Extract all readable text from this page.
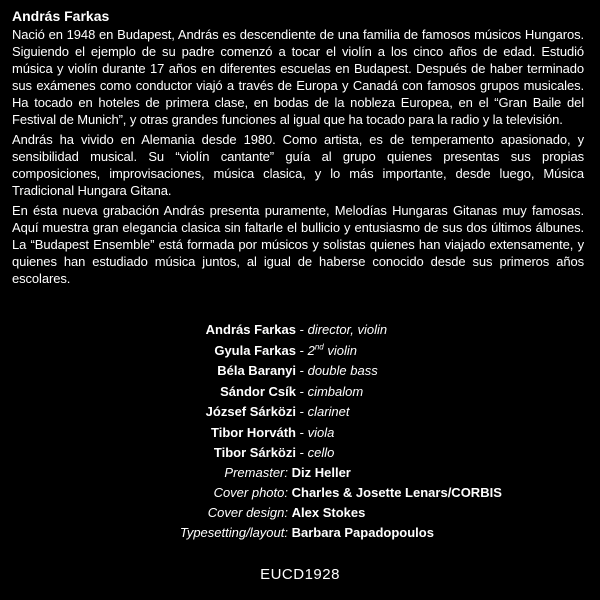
András Farkas

Nació en 1948 en Budapest, András es descendiente de una familia de famosos músicos Hungaros. Siguiendo el ejemplo de su padre comenzó a tocar el violín a los cinco años de edad. Estudió música y violín durante 17 años en diferentes escuelas en Budapest. Después de haber terminado sus exámenes como conductor viajó a través de Europa y Canadá con famosos grupos musicales. Ha tocado en hoteles de primera clase, en bodas de la nobleza Europea, en el “Gran Baile del Festival de Munich”, y otras grandes funciones al igual que ha tocado para la radio y la televisión.

András ha vivido en Alemania desde 1980. Como artista, es de temperamento apasionado, y sensibilidad musical. Su “violín cantante” guía al grupo quienes presentas sus propias composiciones, improvisaciones, música clasica, y lo más importante, desde luego, Música Tradicional Hungara Gitana.

En ésta nueva grabación András presenta puramente, Melodías Hungaras Gitanas muy famosas. Aquí muestra gran elegancia clasica sin faltarle el bullicio y entusiasmo de sus dos últimos álbunes. La “Budapest Ensemble” está formada por músicos y solistas quienes han viajado extensamente, y quienes han estudiado música juntos, al igual de haberse conocido desde sus primeros años escolares.

András Farkas - director, violin
Gyula Farkas - 2nd violin
Béla Baranyi - double bass
Sándor Csík - cimbalom
József Sárközi - clarinet
Tibor Horváth - viola
Tibor Sárközi - cello
Premaster: Diz Heller
Cover photo: Charles & Josette Lenars/CORBIS
Cover design: Alex Stokes
Typesetting/layout: Barbara Papadopoulos
EUCD1928
